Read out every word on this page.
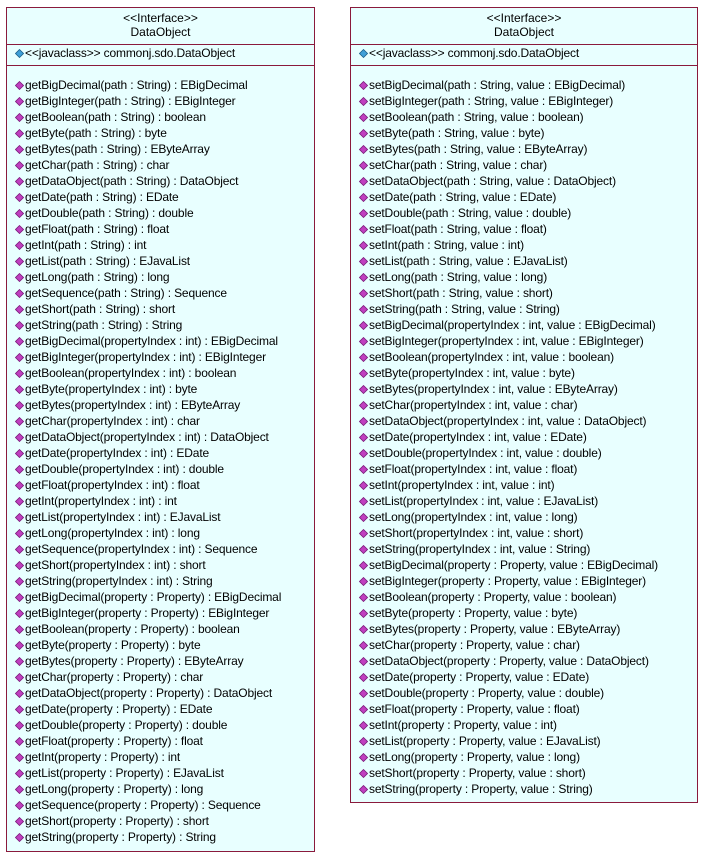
<<Interface>>
DataObject
<<javaclass>> commonj.sdo.DataObject
getBigDecimal(path : String) : EBigDecimal
getBigInteger(path : String) : EBigInteger
getBoolean(path : String) : boolean
getByte(path : String) : byte
getBytes(path : String) : EByteArray
getChar(path : String) : char
getDataObject(path : String) : DataObject
getDate(path : String) : EDate
getDouble(path : String) : double
getFloat(path : String) : float
getInt(path : String) : int
getList(path : String) : EJavaList
getLong(path : String) : long
getSequence(path : String) : Sequence
getShort(path : String) : short
getString(path : String) : String
getBigDecimal(propertyIndex : int) : EBigDecimal
getBigInteger(propertyIndex : int) : EBigInteger
getBoolean(propertyIndex : int) : boolean
getByte(propertyIndex : int) : byte
getBytes(propertyIndex : int) : EByteArray
getChar(propertyIndex : int) : char
getDataObject(propertyIndex : int) : DataObject
getDate(propertyIndex : int) : EDate
getDouble(propertyIndex : int) : double
getFloat(propertyIndex : int) : float
getInt(propertyIndex : int) : int
getList(propertyIndex : int) : EJavaList
getLong(propertyIndex : int) : long
getSequence(propertyIndex : int) : Sequence
getShort(propertyIndex : int) : short
getString(propertyIndex : int) : String
getBigDecimal(property : Property) : EBigDecimal
getBigInteger(property : Property) : EBigInteger
getBoolean(property : Property) : boolean
getByte(property : Property) : byte
getBytes(property : Property) : EByteArray
getChar(property : Property) : char
getDataObject(property : Property) : DataObject
getDate(property : Property) : EDate
getDouble(property : Property) : double
getFloat(property : Property) : float
getInt(property : Property) : int
getList(property : Property) : EJavaList
getLong(property : Property) : long
getSequence(property : Property) : Sequence
getShort(property : Property) : short
getString(property : Property) : String
<<Interface>>
DataObject
<<javaclass>> commonj.sdo.DataObject
setBigDecimal(path : String, value : EBigDecimal)
setBigInteger(path : String, value : EBigInteger)
setBoolean(path : String, value : boolean)
setByte(path : String, value : byte)
setBytes(path : String, value : EByteArray)
setChar(path : String, value : char)
setDataObject(path : String, value : DataObject)
setDate(path : String, value : EDate)
setDouble(path : String, value : double)
setFloat(path : String, value : float)
setInt(path : String, value : int)
setList(path : String, value : EJavaList)
setLong(path : String, value : long)
setShort(path : String, value : short)
setString(path : String, value : String)
setBigDecimal(propertyIndex : int, value : EBigDecimal)
setBigInteger(propertyIndex : int, value : EBigInteger)
setBoolean(propertyIndex : int, value : boolean)
setByte(propertyIndex : int, value : byte)
setBytes(propertyIndex : int, value : EByteArray)
setChar(propertyIndex : int, value : char)
setDataObject(propertyIndex : int, value : DataObject)
setDate(propertyIndex : int, value : EDate)
setDouble(propertyIndex : int, value : double)
setFloat(propertyIndex : int, value : float)
setInt(propertyIndex : int, value : int)
setList(propertyIndex : int, value : EJavaList)
setLong(propertyIndex : int, value : long)
setShort(propertyIndex : int, value : short)
setString(propertyIndex : int, value : String)
setBigDecimal(property : Property, value : EBigDecimal)
setBigInteger(property : Property, value : EBigInteger)
setBoolean(property : Property, value : boolean)
setByte(property : Property, value : byte)
setBytes(property : Property, value : EByteArray)
setChar(property : Property, value : char)
setDataObject(property : Property, value : DataObject)
setDate(property : Property, value : EDate)
setDouble(property : Property, value : double)
setFloat(property : Property, value : float)
setInt(property : Property, value : int)
setList(property : Property, value : EJavaList)
setLong(property : Property, value : long)
setShort(property : Property, value : short)
setString(property : Property, value : String)
